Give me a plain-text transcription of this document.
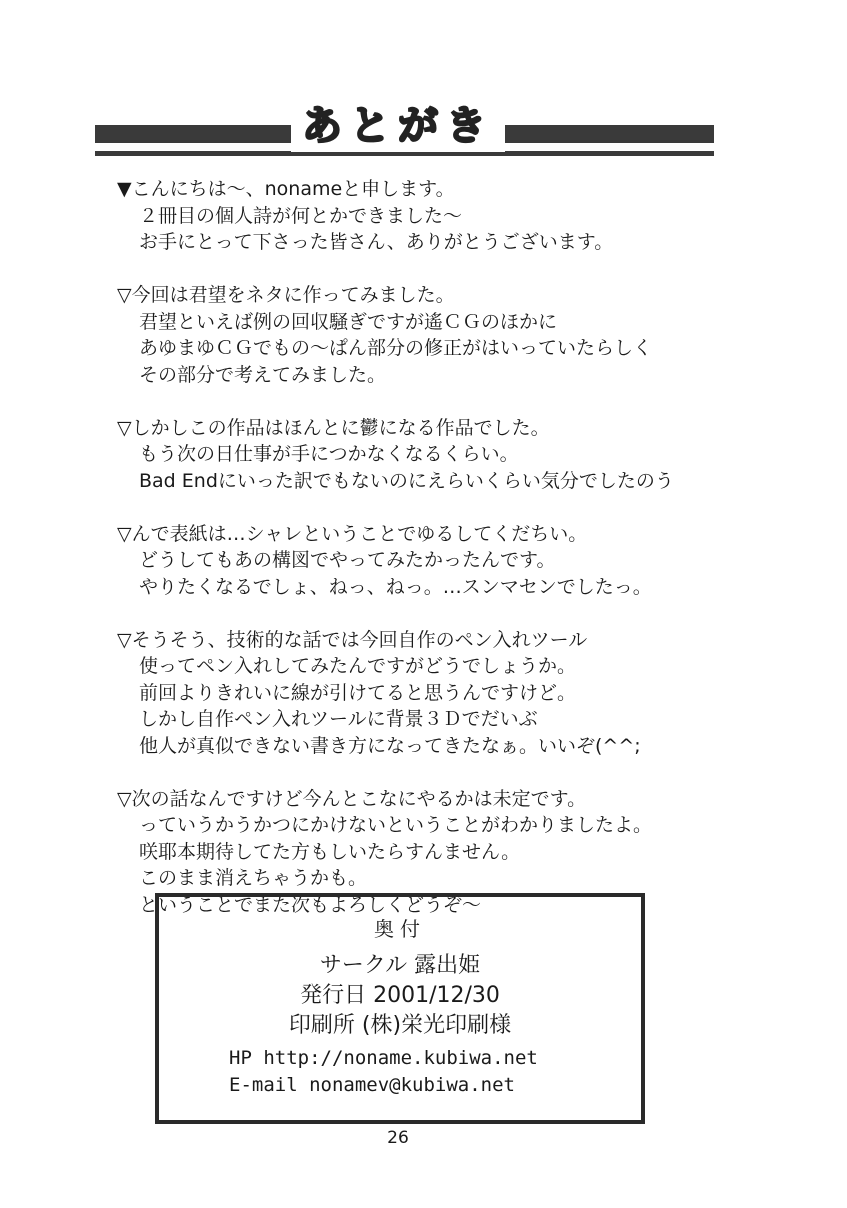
あとがき
▼こんにちは～、nonameと申します。
２冊目の個人詩が何とかできました～
お手にとって下さった皆さん、ありがとうございます。
▽今回は君望をネタに作ってみました。
君望といえば例の回収騒ぎですが遙ＣＧのほかに
あゆまゆＣＧでもの～ぱん部分の修正がはいっていたらしく
その部分で考えてみました。
▽しかしこの作品はほんとに鬱になる作品でした。
もう次の日仕事が手につかなくなるくらい。
Bad Endにいった訳でもないのにえらいくらい気分でしたのう
▽んで表紙は…シャレということでゆるしてくだちい。
どうしてもあの構図でやってみたかったんです。
やりたくなるでしょ、ねっ、ねっ。…スンマセンでしたっ。
▽そうそう、技術的な話では今回自作のペン入れツール
使ってペン入れしてみたんですがどうでしょうか。
前回よりきれいに線が引けてると思うんですけど。
しかし自作ペン入れツールに背景３Ｄでだいぶ
他人が真似できない書き方になってきたなぁ。いいぞ(^^;
▽次の話なんですけど今んとこなにやるかは未定です。
っていうかうかつにかけないということがわかりましたよ。
咲耶本期待してた方もしいたらすんません。
このまま消えちゃうかも。
ということでまた次もよろしくどうぞ～
奥付
サークル 露出姫
発行日 2001/12/30
印刷所 (株)栄光印刷様
HP http://noname.kubiwa.net
E-mail nonamev@kubiwa.net
26
